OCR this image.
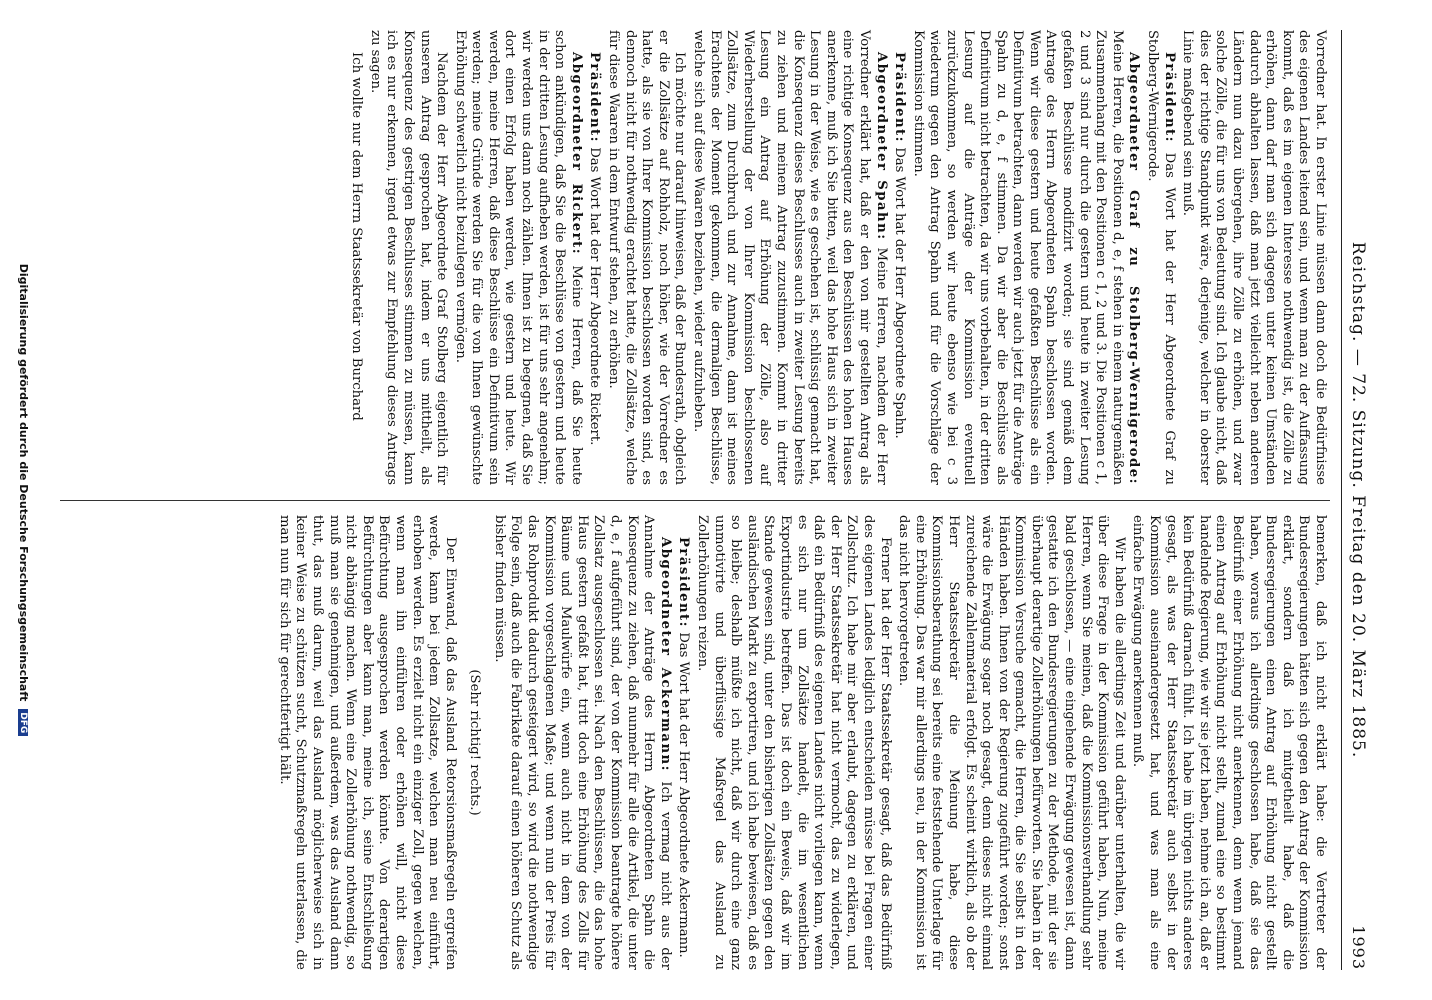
Reichstag. — 72. Sitzung. Freitag den 20. März 1885.
1993

Vorredner hat. In erster Linie müssen dann doch die Bedürfnisse des eigenen Landes leitend sein, und wenn man zu der Auffassung kommt, daß es im eigenen Interesse nothwendig ist, die Zölle zu erhöhen, dann darf man sich dagegen unter keinen Umständen dadurch abhalten lassen, daß man jetzt vielleicht neben anderen Ländern nun dazu übergehen, ihre Zölle zu erhöhen, und zwar solche Zölle, die für uns von Bedeutung sind. Ich glaube nicht, daß dies der richtige Standpunkt wäre, derjenige, welcher in oberster Linie maßgebend sein muß.

Präsident: Das Wort hat der Herr Abgeordnete Graf zu Stolberg-Wernigerode.

Abgeordneter Graf zu Stolberg-Wernigerode: Meine Herren, die Positionen d, e, f stehen in einem naturgemäßen Zusammenhang mit den Positionen c 1, 2 und 3. Die Positionen c 1, 2 und 3 sind nur durch die gestern und heute in zweiter Lesung gefaßten Beschlüsse modifizirt worden; sie sind gemäß dem Antrage des Herrn Abgeordneten Spahn beschlossen worden. Wenn wir diese gestern und heute gefaßten Beschlüsse als ein Definitivum betrachten, dann werden wir auch jetzt für die Anträge Spahn zu d, e, f stimmen. Da wir aber die Beschlüsse als Definitivum nicht betrachten, da wir uns vorbehalten, in der dritten Lesung auf die Anträge der Kommission eventuell zurückzukommen, so werden wir heute ebenso wie bei c 3 wiederum gegen den Antrag Spahn und für die Vorschläge der Kommission stimmen.

Präsident: Das Wort hat der Herr Abgeordnete Spahn.

Abgeordneter Spahn: Meine Herren, nachdem der Herr Vorredner erklärt hat, daß er den von mir gestellten Antrag als eine richtige Konsequenz aus den Beschlüssen des hohen Hauses anerkenne, muß ich Sie bitten, weil das hohe Haus sich in zweiter Lesung in der Weise, wie es geschehen ist, schlüssig gemacht hat, die Konsequenz dieses Beschlusses auch in zweiter Lesung bereits zu ziehen und meinem Antrag zuzustimmen. Kommt in dritter Lesung ein Antrag auf Erhöhung der Zölle, also auf Wiederherstellung der von Ihrer Kommission beschlossenen Zollsätze, zum Durchbruch und zur Annahme, dann ist meines Erachtens der Moment gekommen, die dermaligen Beschlüsse, welche sich auf diese Waaren beziehen, wieder aufzuheben.

Ich möchte nur darauf hinweisen, daß der Bundesrath, obgleich er die Zollsätze auf Rohholz, noch höher, wie der Vorredner es hatte, als sie von Ihrer Kommission beschlossen worden sind, es dennoch nicht für nothwendig erachtet hatte, die Zollsätze, welche für diese Waaren in dem Entwurf stehen, zu erhöhen.

Präsident: Das Wort hat der Herr Abgeordnete Rickert.

Abgeordneter Rickert: Meine Herren, daß Sie heute schon ankündigen, daß Sie die Beschlüsse von gestern und heute in der dritten Lesung aufheben werden, ist für uns sehr angenehm; wir werden uns dann noch zählen. Ihnen ist zu begegnen, daß Sie dort einen Erfolg haben werden, wie gestern und heute. Wir werden, meine Herren, daß diese Beschlüsse ein Definitivum sein werden; meine Gründe werden Sie für die von Ihnen gewünschte Erhöhung schwerlich nicht beizulegen vermögen.

Nachdem der Herr Abgeordnete Graf Stolberg eigentlich für unseren Antrag gesprochen hat, indem er uns mittheilt, als Konsequenz des gestrigen Beschlusses stimmen zu müssen, kann ich es nur erkennen, irgend etwas zur Empfehlung dieses Antrags zu sagen.

Ich wollte nur dem Herrn Staatssekretär von Burchard

bemerken, daß ich nicht erklärt habe: die Vertreter der Bundesregierungen hätten sich gegen den Antrag der Kommission erklärt, sondern daß ich mitgetheilt habe, daß die Bundesregierungen einen Antrag auf Erhöhung nicht gestellt haben, woraus ich allerdings geschlossen habe, daß sie das Bedürfniß einer Erhöhung nicht anerkennen, denn wenn jemand einen Antrag auf Erhöhung nicht stellt, zumal eine so bestimmt handelnde Regierung, wie wir sie jetzt haben, nehme ich an, daß er kein Bedürfniß darnach fühlt. Ich habe im übrigen nichts anderes gesagt, als was der Herr Staatssekretär auch selbst in der Kommission auseinandergesetzt hat, und was man als eine einfache Erwägung anerkennen muß.

Wir haben die allerdings Zeit und darüber unterhalten, die wir über diese Frage in der Kommission geführt haben, Nun, meine Herren, wenn Sie meinen, daß die Kommissionsverhandlung sehr bald geschlossen, — eine eingehende Erwägung gewesen ist, dann gestatte ich den Bundesregierungen zu der Methode, mit der sie überhaupt derartige Zollerhöhungen befürworten. Sie haben in der Kommission Versuche gemacht, die Herren, die Sie selbst in den Händen haben. Ihnen von der Regierung zugeführt worden; sonst wäre die Erwägung sogar noch gesagt, denn dieses nicht einmal zureichende Zahlenmaterial erfolgt. Es scheint wirklich, als ob der Herr Staatssekretär die Meinung habe, diese Kommissionsberathung sei bereits eine feststehende Unterlage für eine Erhöhung. Das war mir allerdings neu, in der Kommission ist das nicht hervorgetreten.

Ferner hat der Herr Staatssekretär gesagt, daß das Bedürfniß des eigenen Landes lediglich entscheiden müsse bei Fragen einer Zollschutz. Ich habe mir aber erlaubt, dagegen zu erklären, und der Herr Staatssekretär hat nicht vermocht, das zu widerlegen, daß ein Bedürfniß des eigenen Landes nicht vorliegen kann, wenn es sich nur um Zollsätze handelt, die im wesentlichen Exportindustrie betreffen. Das ist doch ein Beweis, daß wir im Stande gewesen sind, unter den bisherigen Zollsätzen gegen den ausländischen Markt zu exportiren, und ich habe bewiesen, daß es so bleibe; deshalb müßte ich nicht, daß wir durch eine ganz unmotivirte und überflüssige Maßregel das Ausland zu Zollerhöhungen reizen.

Präsident: Das Wort hat der Herr Abgeordnete Ackermann.

Abgeordneter Ackermann: Ich vermag nicht aus der Annahme der Anträge des Herrn Abgeordneten Spahn die Konsequenz zu ziehen, daß nunmehr für alle die Artikel, die unter d, e, f aufgeführt sind, der von der Kommission beantragte höhere Zollsatz ausgeschlossen sei. Nach den Beschlüssen, die das hohe Haus gestern gefaßt hat, tritt doch eine Erhöhung des Zolls für Bäume und Maulwürfe ein, wenn auch nicht in dem von der Kommission vorgeschlagenen Maße; und wenn nun der Preis für das Rohprodukt dadurch gesteigert wird, so wird die nothwendige Folge sein, daß auch die Fabrikate darauf einen höheren Schutz als bisher finden müssen.

(Sehr richtig! rechts.)

Der Einwand, daß das Ausland Retorsionsmaßregeln ergreifen werde, kann bei jedem Zollsatze, welchen man neu einführt, erhoben werden. Es erzielt nicht ein einziger Zoll, gegen welchen, wenn man ihn einführen oder erhöhen will, nicht diese Befürchtung ausgesprochen werden könnte. Von derartigen Befürchtungen aber kann man, meine ich, seine Entschließung nicht abhängig machen. Wenn eine Zollerhöhung nothwendig, so muß man sie genehmigen, und außerdem, was das Ausland dann thut, das muß darum, weil das Ausland möglicherweise sich in keiner Weise zu schützen sucht, Schutzmaßregeln unterlassen, die man nun für sich für gerechtfertigt hält.

Digitalisierung gefördert durch die Deutsche Forschungsgemeinschaft DFG
